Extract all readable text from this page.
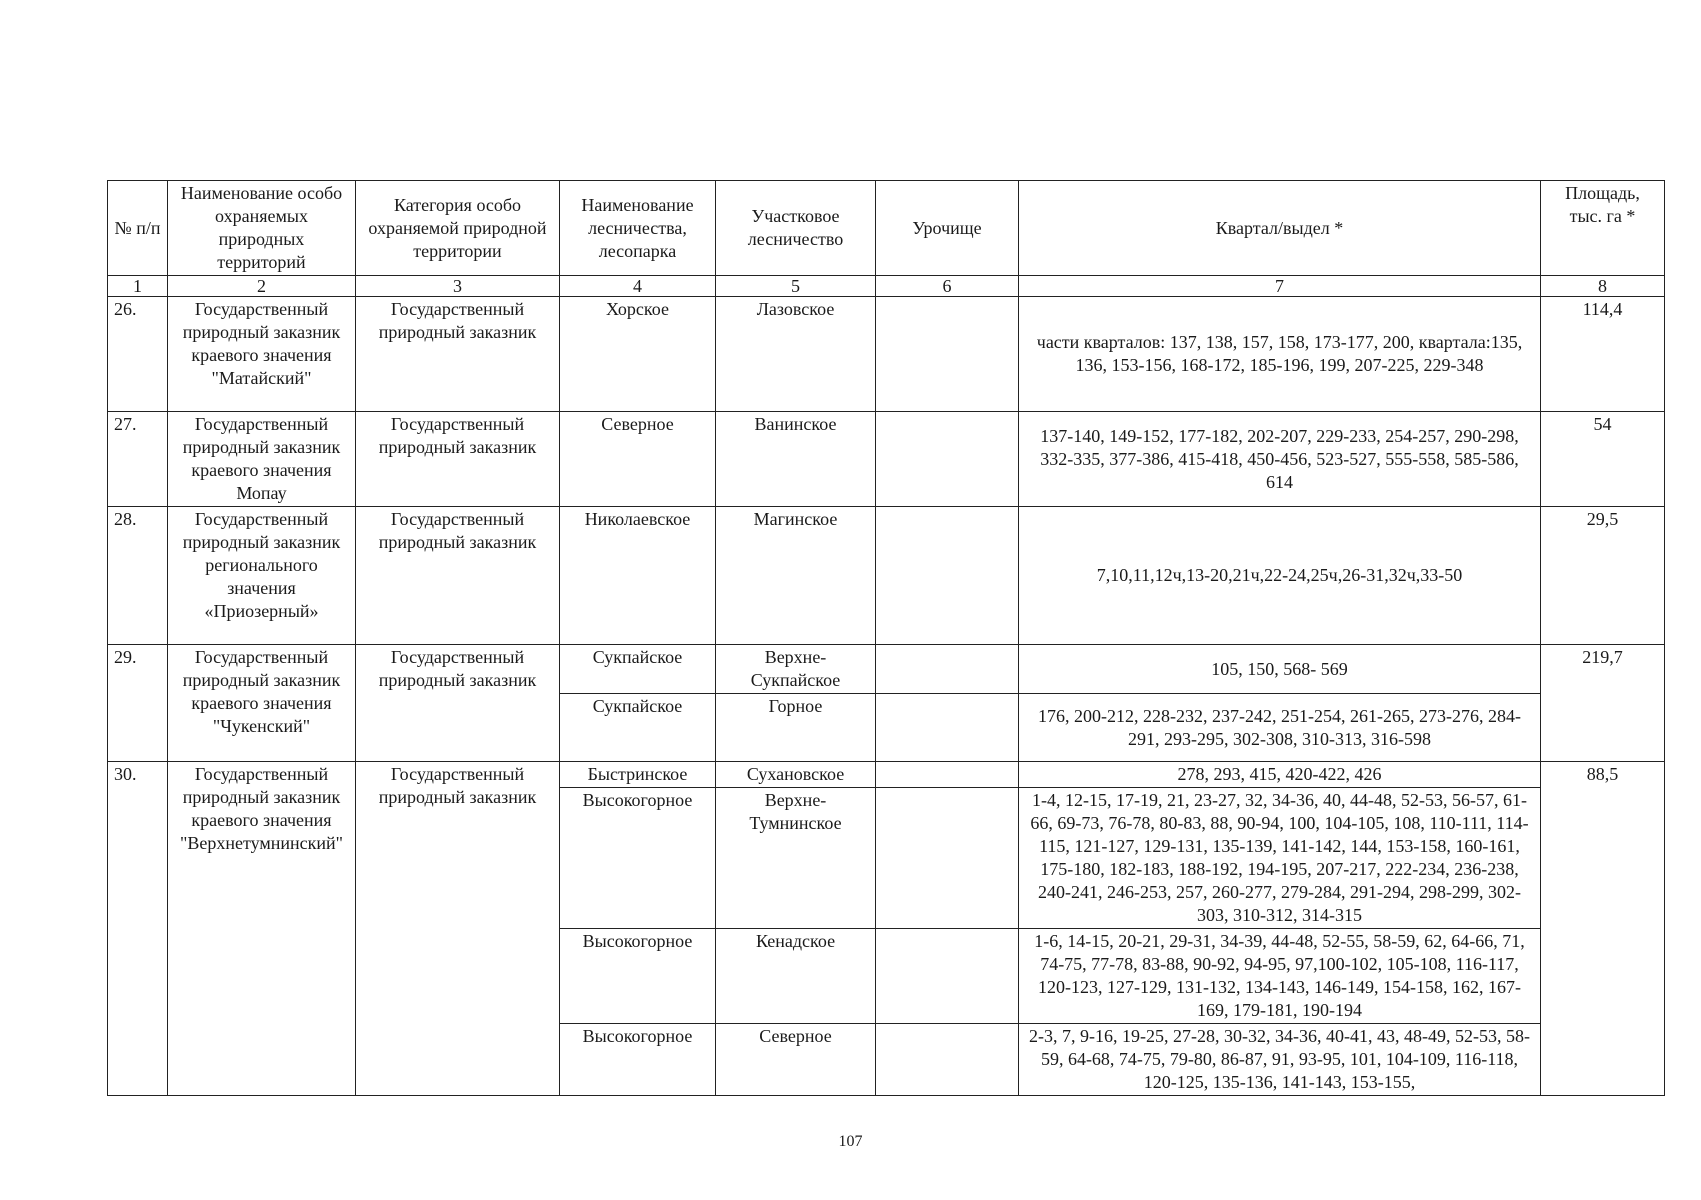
№ п/п	Наименование особо охраняемых природных территорий	Категория особо охраняемой природной территории	Наименование лесничества, лесопарка	Участковое лесничество	Урочище	Квартал/выдел *	Площадь, тыс. га *
1	2	3	4	5	6	7	8
26.	Государственный природный заказник краевого значения "Матайский"	Государственный природный заказник	Хорское	Лазовское		части кварталов: 137, 138, 157, 158, 173-177, 200, квартала:135, 136, 153-156, 168-172, 185-196, 199, 207-225, 229-348	114,4
27.	Государственный природный заказник краевого значения Мопау	Государственный природный заказник	Северное	Ванинское		137-140, 149-152, 177-182, 202-207, 229-233, 254-257, 290-298, 332-335, 377-386, 415-418, 450-456, 523-527, 555-558, 585-586, 614	54
28.	Государственный природный заказник регионального значения «Приозерный»	Государственный природный заказник	Николаевское	Магинское		7,10,11,12ч,13-20,21ч,22-24,25ч,26-31,32ч,33-50	29,5
29.	Государственный природный заказник краевого значения "Чукенский"	Государственный природный заказник	Сукпайское	Верхне-Сукпайское		105, 150, 568- 569	219,7
			Сукпайское	Горное		176, 200-212, 228-232, 237-242, 251-254, 261-265, 273-276, 284-291, 293-295, 302-308, 310-313, 316-598	
30.	Государственный природный заказник краевого значения "Верхнетумнинский"	Государственный природный заказник	Быстринское	Сухановское		278, 293, 415, 420-422, 426	88,5
			Высокогорное	Верхне-Тумнинское		1-4, 12-15, 17-19, 21, 23-27, 32, 34-36, 40, 44-48, 52-53, 56-57, 61-66, 69-73, 76-78, 80-83, 88, 90-94, 100, 104-105, 108, 110-111, 114-115, 121-127, 129-131, 135-139, 141-142, 144, 153-158, 160-161, 175-180, 182-183, 188-192, 194-195, 207-217, 222-234, 236-238, 240-241, 246-253, 257, 260-277, 279-284, 291-294, 298-299, 302-303, 310-312, 314-315	
			Высокогорное	Кенадское		1-6, 14-15, 20-21, 29-31, 34-39, 44-48, 52-55, 58-59, 62, 64-66, 71, 74-75, 77-78, 83-88, 90-92, 94-95, 97,100-102, 105-108, 116-117, 120-123, 127-129, 131-132, 134-143, 146-149, 154-158, 162, 167-169, 179-181, 190-194	
			Высокогорное	Северное		2-3, 7, 9-16, 19-25, 27-28, 30-32, 34-36, 40-41, 43, 48-49, 52-53, 58-59, 64-68, 74-75, 79-80, 86-87, 91, 93-95, 101, 104-109, 116-118, 120-125, 135-136, 141-143, 153-155,	
107
